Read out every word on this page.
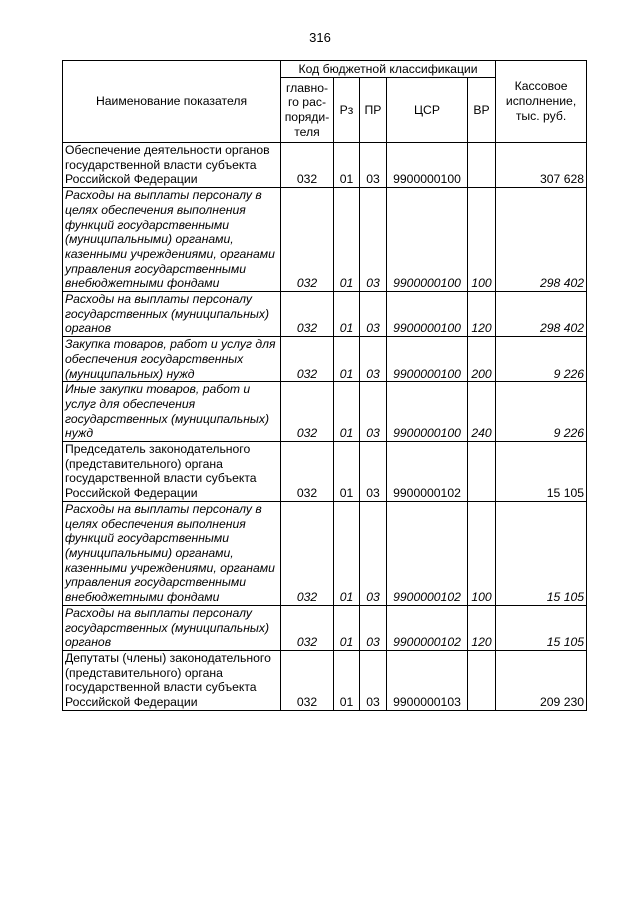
316
Наименование показателя	Код бюджетной классификации					Кассовое исполнение, тыс. руб.
	главно-го рас-поряди-теля	Рз	ПР	ЦСР	ВР	
Обеспечение деятельности органов государственной власти субъекта Российской Федерации	032	01	03	9900000100		307 628
Расходы на выплаты персоналу в целях обеспечения выполнения функций государственными (муниципальными) органами, казенными учреждениями, органами управления государственными внебюджетными фондами	032	01	03	9900000100	100	298 402
Расходы на выплаты персоналу государственных (муниципальных) органов	032	01	03	9900000100	120	298 402
Закупка товаров, работ и услуг для обеспечения государственных (муниципальных) нужд	032	01	03	9900000100	200	9 226
Иные закупки товаров, работ и услуг для обеспечения государственных (муниципальных) нужд	032	01	03	9900000100	240	9 226
Председатель законодательного (представительного) органа государственной власти субъекта Российской Федерации	032	01	03	9900000102		15 105
Расходы на выплаты персоналу в целях обеспечения выполнения функций государственными (муниципальными) органами, казенными учреждениями, органами управления государственными внебюджетными фондами	032	01	03	9900000102	100	15 105
Расходы на выплаты персоналу государственных (муниципальных) органов	032	01	03	9900000102	120	15 105
Депутаты (члены) законодательного (представительного) органа государственной власти субъекта Российской Федерации	032	01	03	9900000103		209 230
